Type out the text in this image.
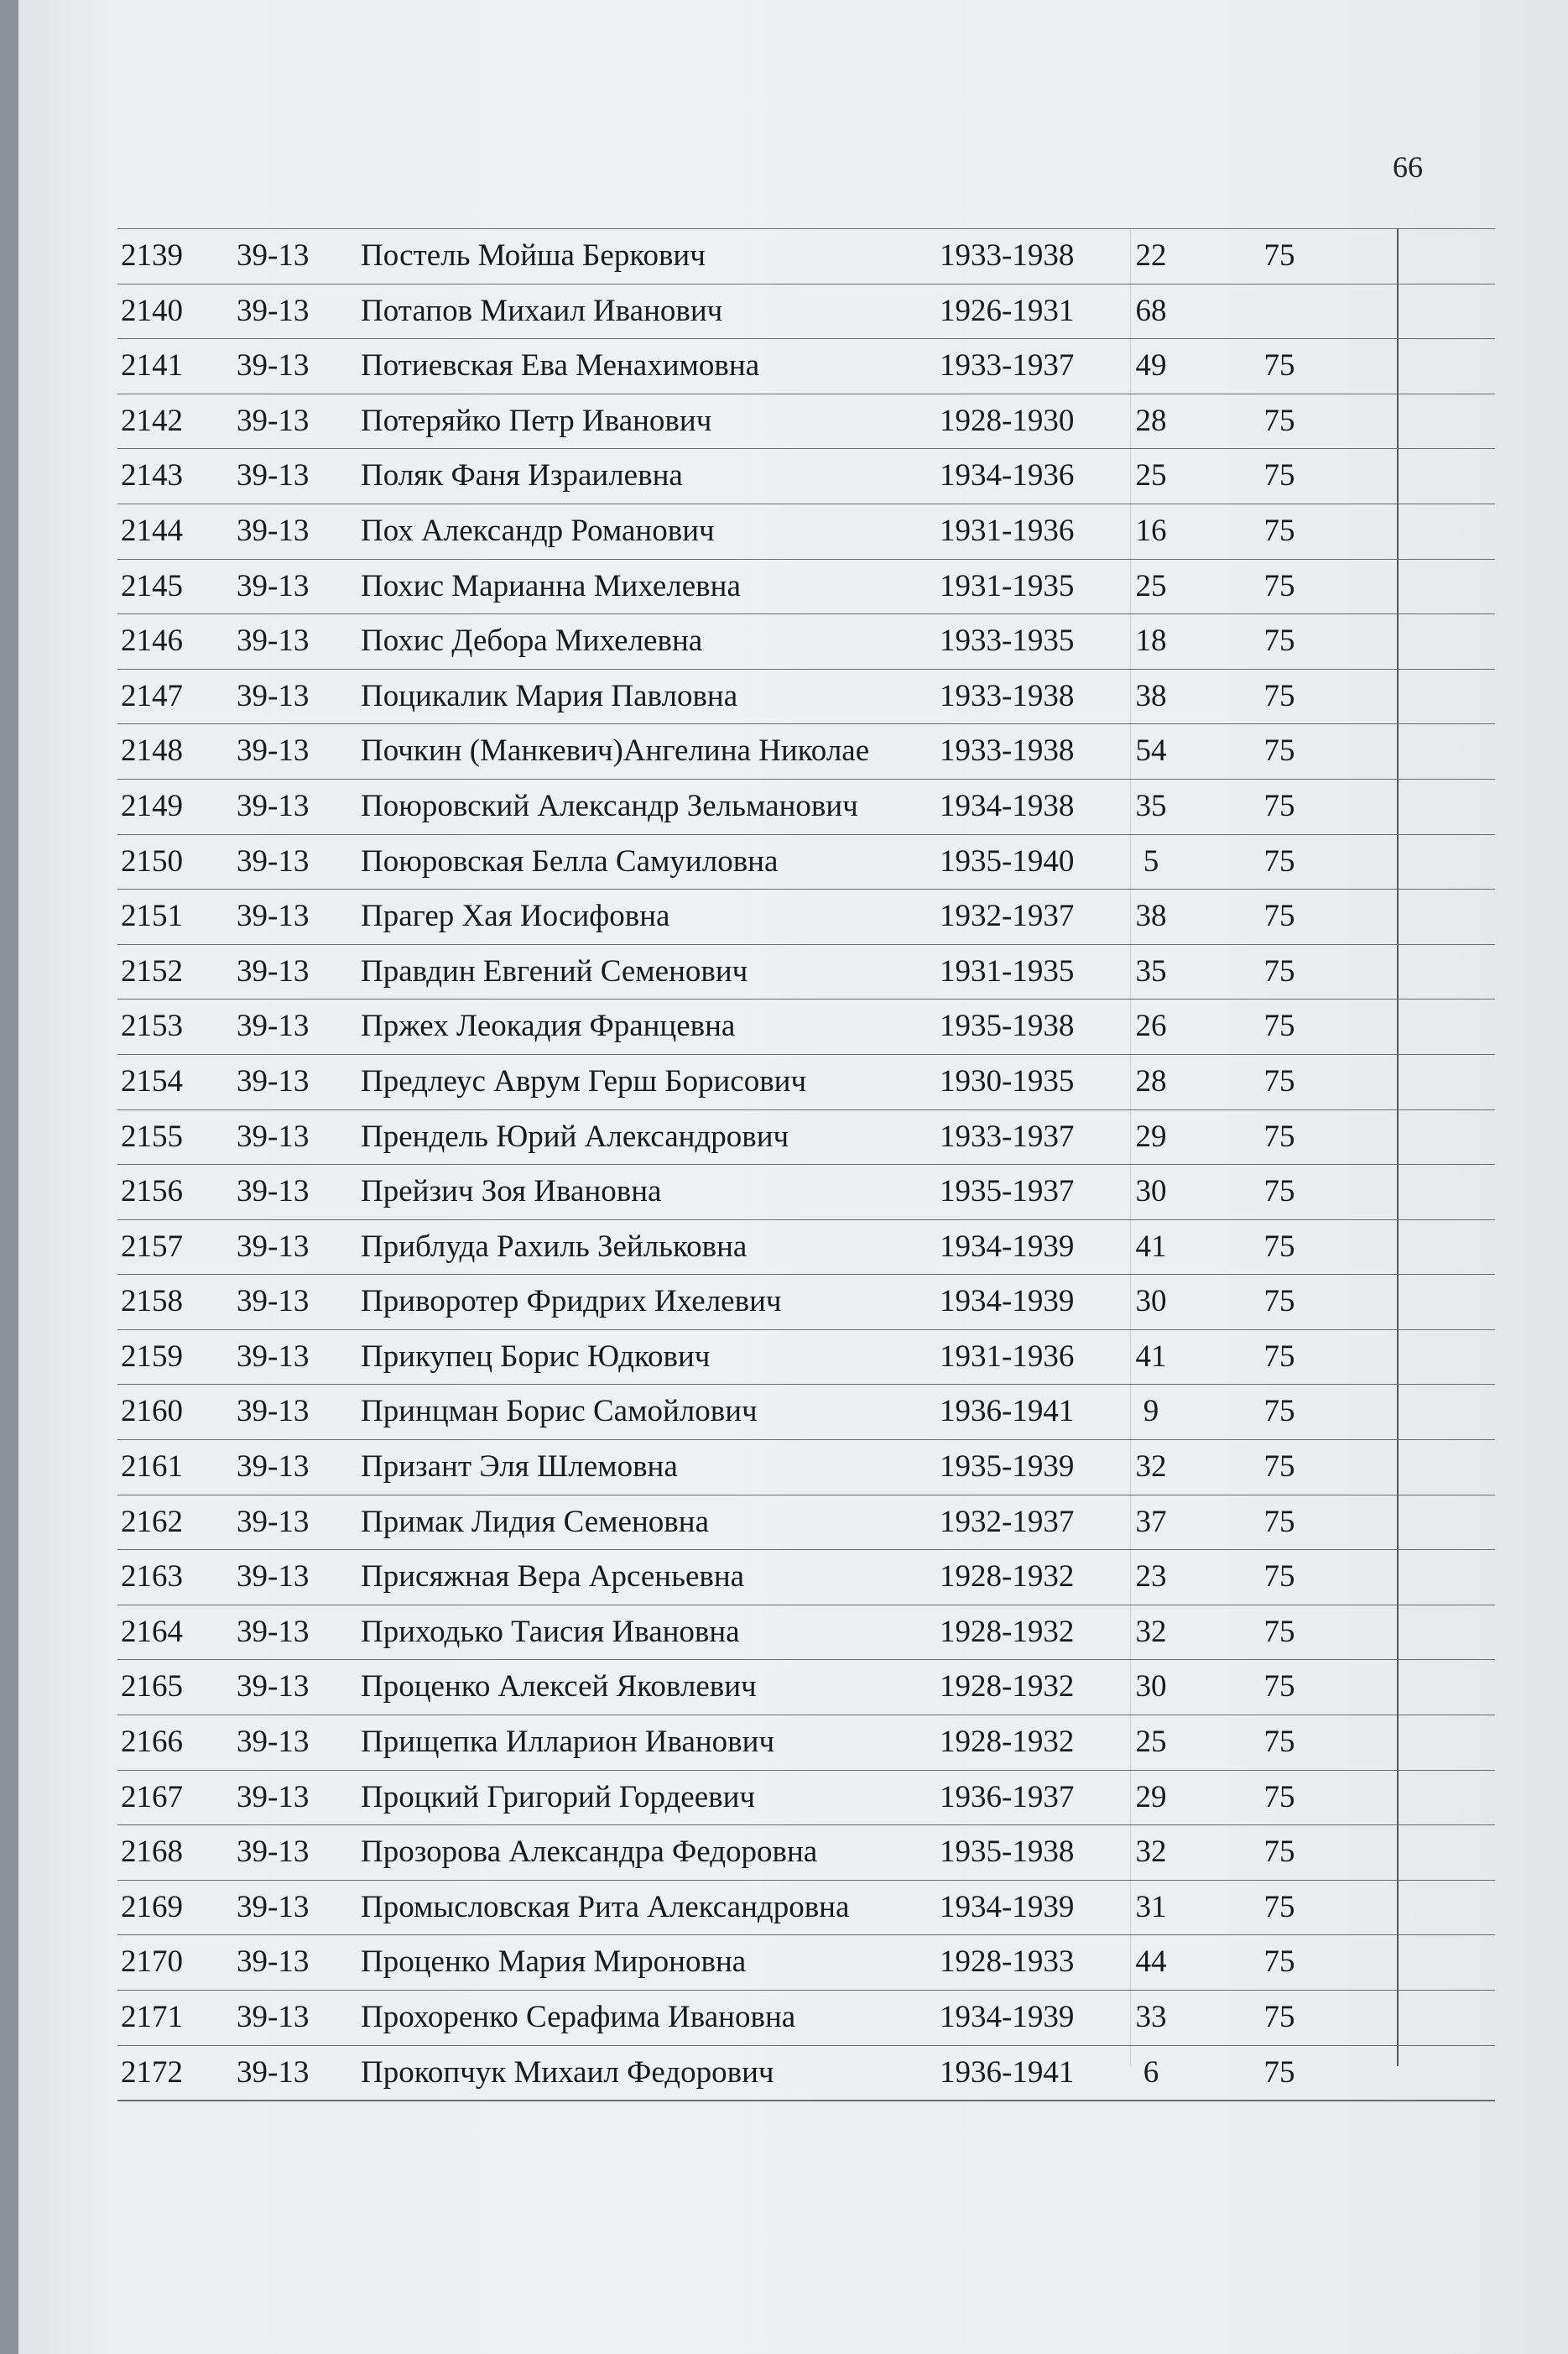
66
2139	39-13	Постель Мойша Беркович	1933-1938	22	75
2140	39-13	Потапов Михаил Иванович	1926-1931	68
2141	39-13	Потиевская Ева Менахимовна	1933-1937	49	75
2142	39-13	Потеряйко Петр Иванович	1928-1930	28	75
2143	39-13	Поляк Фаня Израилевна	1934-1936	25	75
2144	39-13	Пох Александр Романович	1931-1936	16	75
2145	39-13	Похис Марианна Михелевна	1931-1935	25	75
2146	39-13	Похис Дебора Михелевна	1933-1935	18	75
2147	39-13	Поцикалик Мария Павловна	1933-1938	38	75
2148	39-13	Почкин (Манкевич)Ангелина Николае	1933-1938	54	75
2149	39-13	Поюровский Александр Зельманович	1934-1938	35	75
2150	39-13	Поюровская Белла Самуиловна	1935-1940	5	75
2151	39-13	Прагер Хая Иосифовна	1932-1937	38	75
2152	39-13	Правдин Евгений Семенович	1931-1935	35	75
2153	39-13	Пржех Леокадия Францевна	1935-1938	26	75
2154	39-13	Предлеус Аврум Герш Борисович	1930-1935	28	75
2155	39-13	Прендель Юрий Александрович	1933-1937	29	75
2156	39-13	Прейзич Зоя Ивановна	1935-1937	30	75
2157	39-13	Приблуда Рахиль Зейльковна	1934-1939	41	75
2158	39-13	Приворотер Фридрих Ихелевич	1934-1939	30	75
2159	39-13	Прикупец Борис Юдкович	1931-1936	41	75
2160	39-13	Принцман Борис Самойлович	1936-1941	9	75
2161	39-13	Призант Эля Шлемовна	1935-1939	32	75
2162	39-13	Примак Лидия Семеновна	1932-1937	37	75
2163	39-13	Присяжная Вера Арсеньевна	1928-1932	23	75
2164	39-13	Приходько Таисия Ивановна	1928-1932	32	75
2165	39-13	Проценко Алексей Яковлевич	1928-1932	30	75
2166	39-13	Прищепка Илларион Иванович	1928-1932	25	75
2167	39-13	Процкий Григорий Гордеевич	1936-1937	29	75
2168	39-13	Прозорова Александра Федоровна	1935-1938	32	75
2169	39-13	Промысловская Рита Александровна	1934-1939	31	75
2170	39-13	Проценко Мария Мироновна	1928-1933	44	75
2171	39-13	Прохоренко Серафима Ивановна	1934-1939	33	75
2172	39-13	Прокопчук Михаил Федорович	1936-1941	6	75
